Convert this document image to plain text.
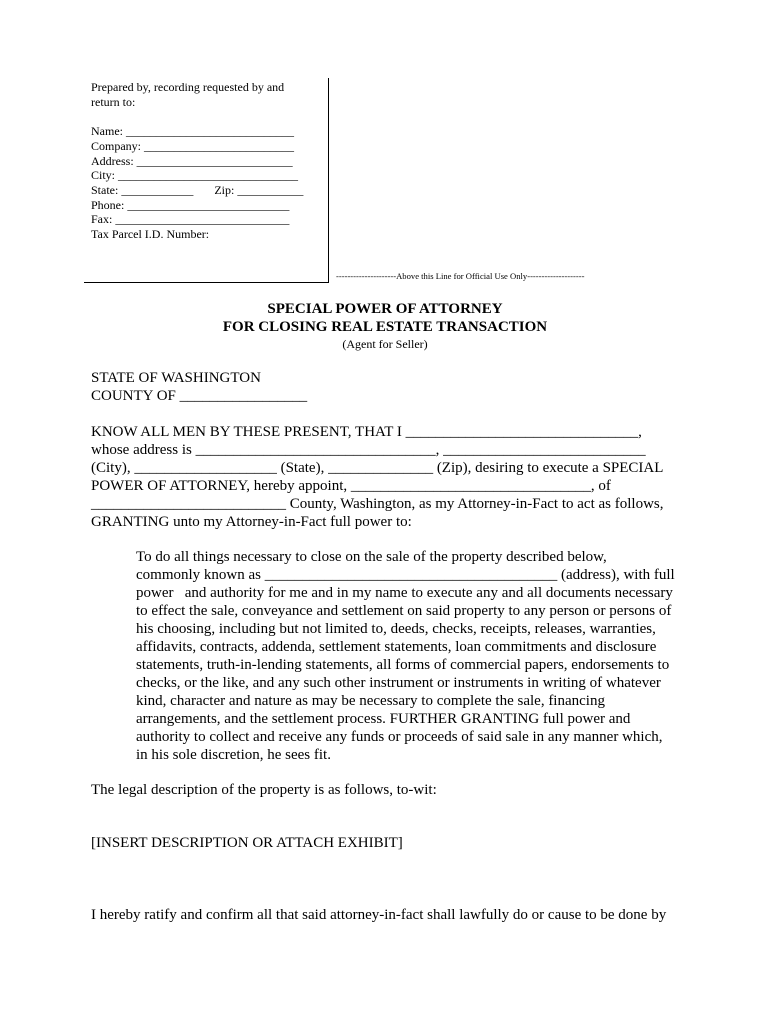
Prepared by, recording requested by and
return to:
Name: ____________________________
Company: _________________________
Address: __________________________
City: ______________________________
State: ____________       Zip: ___________
Phone: ___________________________
Fax: _____________________________
Tax Parcel I.D. Number:
---------------------Above this Line for Official Use Only--------------------
SPECIAL POWER OF ATTORNEY
FOR CLOSING REAL ESTATE TRANSACTION
(Agent for Seller)
STATE OF WASHINGTON
COUNTY OF _________________
KNOW ALL MEN BY THESE PRESENT, THAT I _______________________________,
whose address is ________________________________, ___________________________
(City), ___________________ (State), ______________ (Zip), desiring to execute a SPECIAL
POWER OF ATTORNEY, hereby appoint, ________________________________, of
__________________________ County, Washington, as my Attorney-in-Fact to act as follows,
GRANTING unto my Attorney-in-Fact full power to:
To do all things necessary to close on the sale of the property described below,
commonly known as _______________________________________ (address), with full
power   and authority for me and in my name to execute any and all documents necessary
to effect the sale, conveyance and settlement on said property to any person or persons of
his choosing, including but not limited to, deeds, checks, receipts, releases, warranties,
affidavits, contracts, addenda, settlement statements, loan commitments and disclosure
statements, truth-in-lending statements, all forms of commercial papers, endorsements to
checks, or the like, and any such other instrument or instruments in writing of whatever
kind, character and nature as may be necessary to complete the sale, financing
arrangements, and the settlement process. FURTHER GRANTING full power and
authority to collect and receive any funds or proceeds of said sale in any manner which,
in his sole discretion, he sees fit.
The legal description of the property is as follows, to-wit:
[INSERT DESCRIPTION OR ATTACH EXHIBIT]
I hereby ratify and confirm all that said attorney-in-fact shall lawfully do or cause to be done by
